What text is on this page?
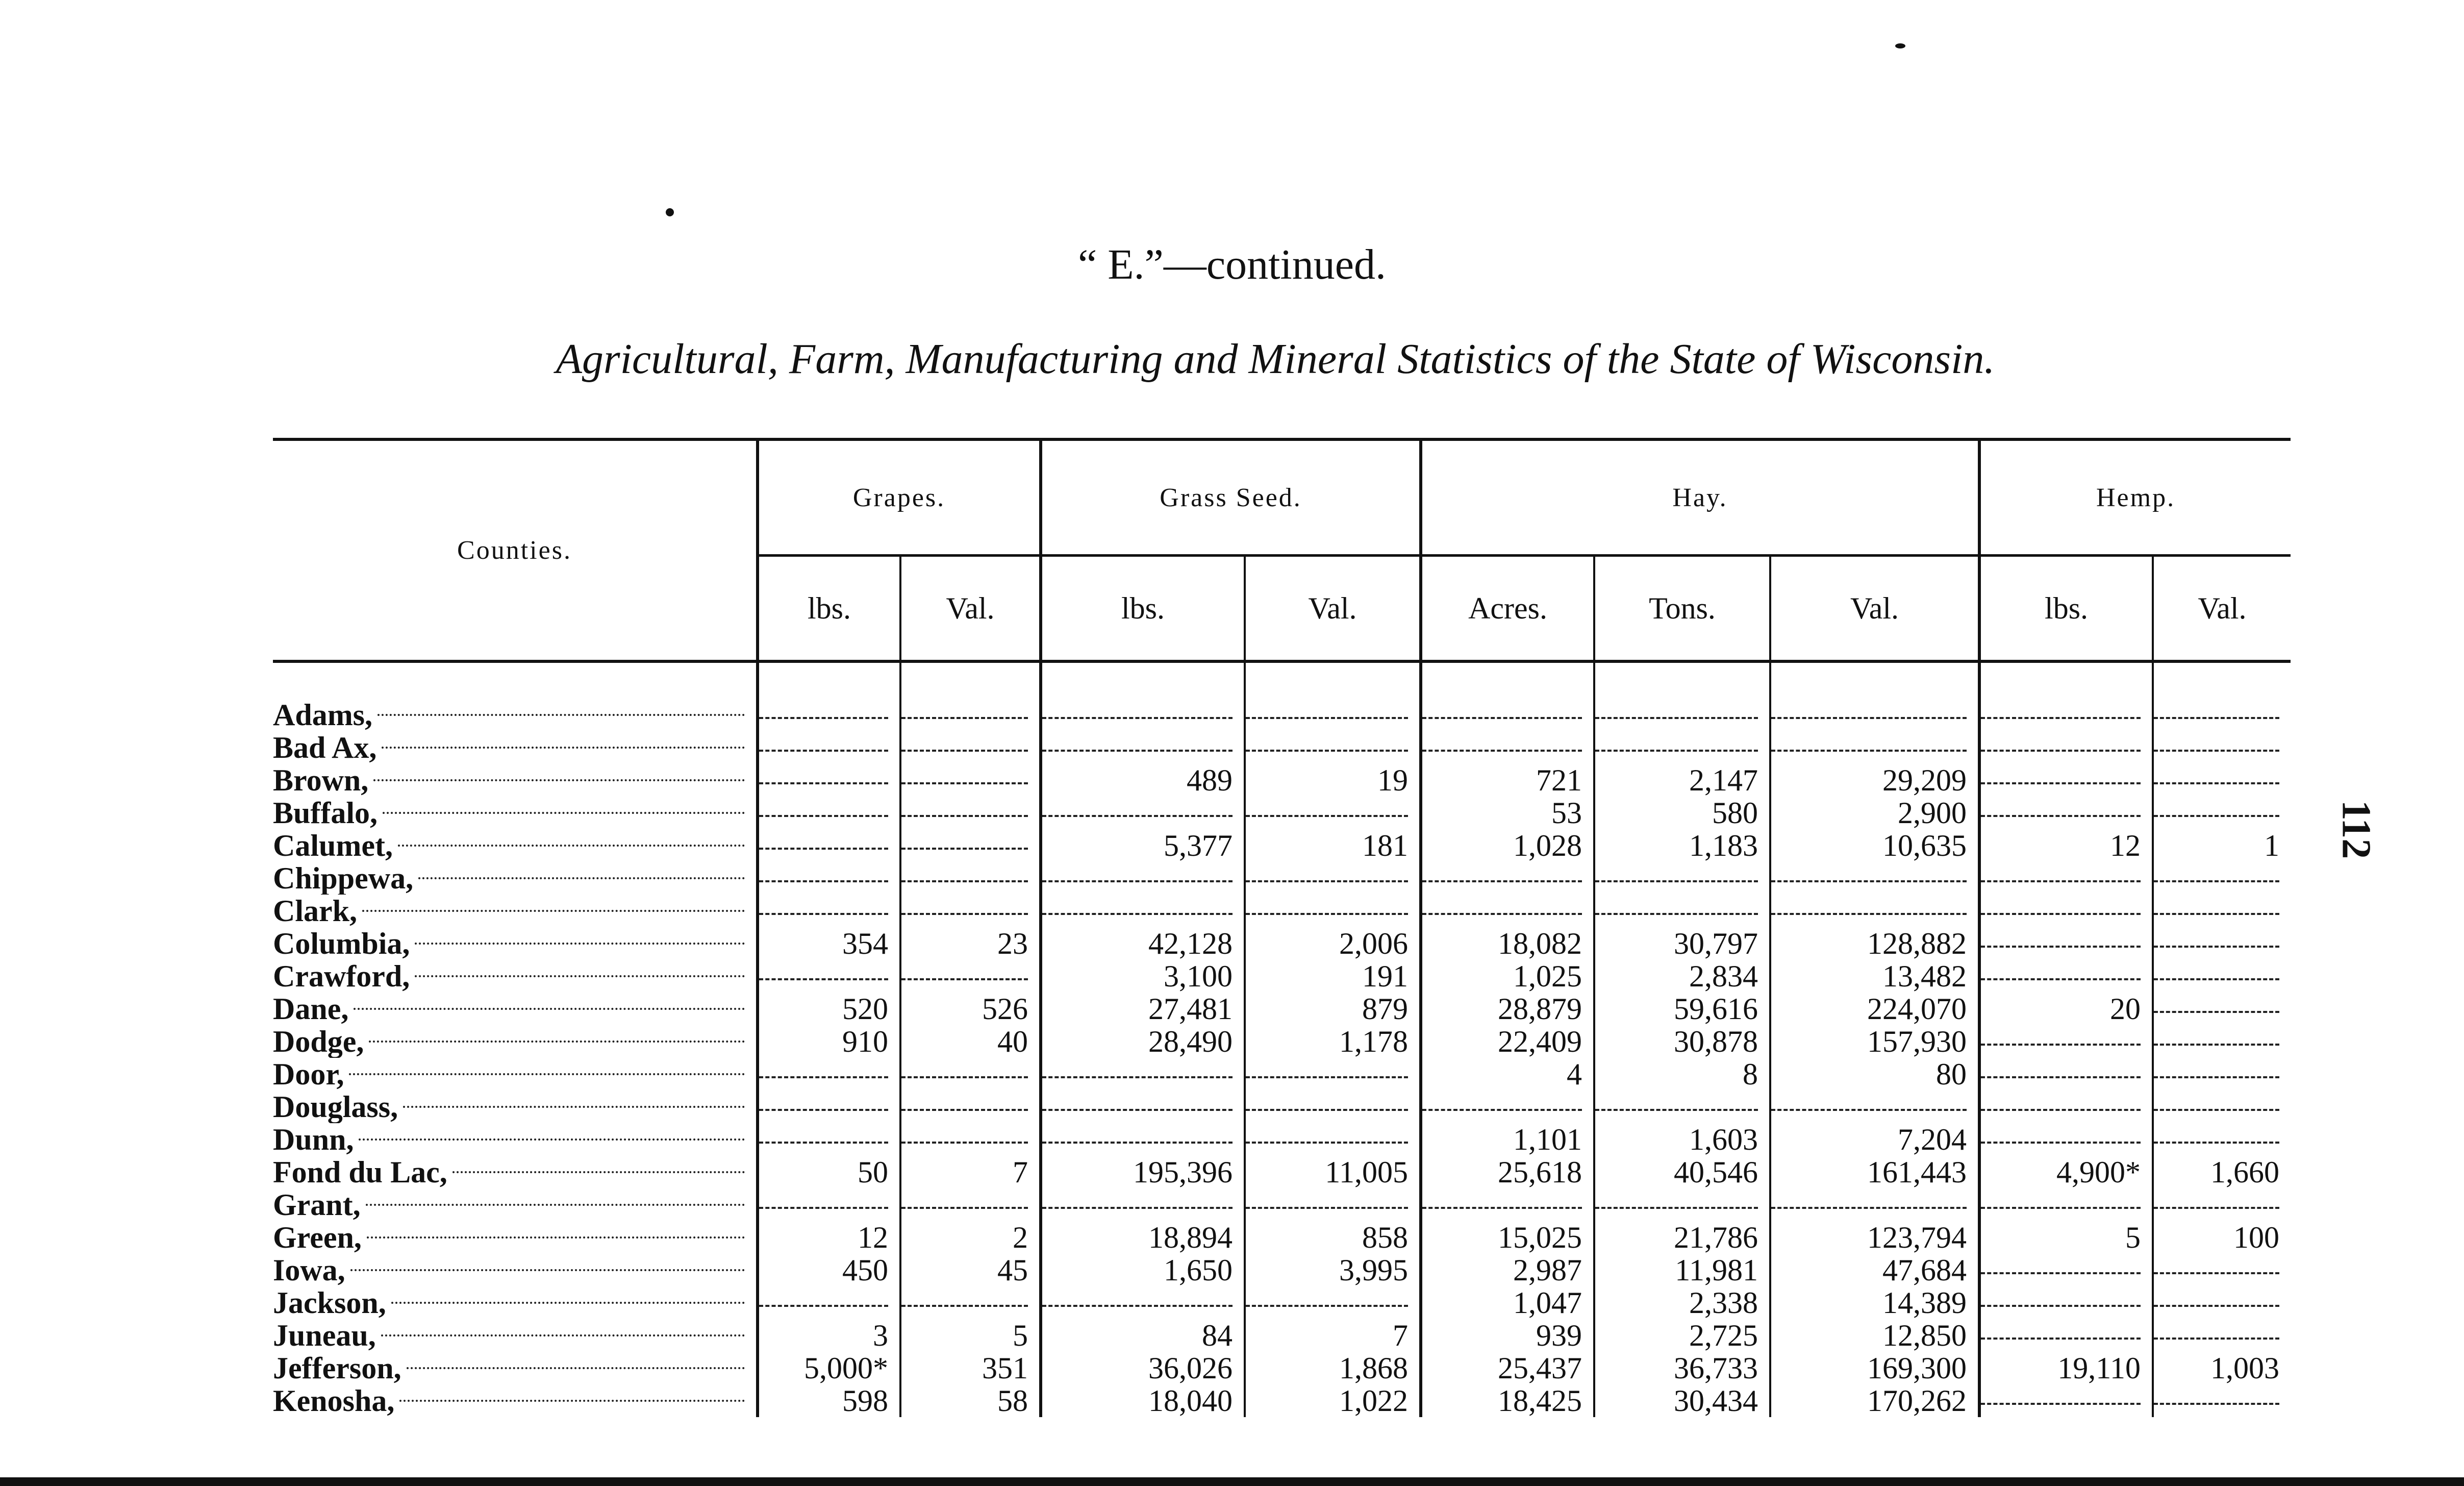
“ E.”—continued.
Agricultural, Farm, Manufacturing and Mineral Statistics of the State of Wisconsin.
112
Counties.	Grapes.		Grass Seed.		Hay.			Hemp.	
	lbs.	Val.	lbs.	Val.	Acres.	Tons.	Val.	lbs.	Val.

Adams,									

Bad Ax,									

Brown,			489	19	721	2,147	29,209		

Buffalo,					53	580	2,900		

Calumet,			5,377	181	1,028	1,183	10,635	12	1

Chippewa,									

Clark,									

Columbia,	354	23	42,128	2,006	18,082	30,797	128,882		

Crawford,			3,100	191	1,025	2,834	13,482		

Dane,	520	526	27,481	879	28,879	59,616	224,070	20	

Dodge,	910	40	28,490	1,178	22,409	30,878	157,930		

Door,					4	8	80		

Douglass,									

Dunn,					1,101	1,603	7,204		

Fond du Lac,	50	7	195,396	11,005	25,618	40,546	161,443	4,900*	1,660

Grant,									

Green,	12	2	18,894	858	15,025	21,786	123,794	5	100

Iowa,	450	45	1,650	3,995	2,987	11,981	47,684		

Jackson,					1,047	2,338	14,389		

Juneau,	3	5	84	7	939	2,725	12,850		

Jefferson,	5,000*	351	36,026	1,868	25,437	36,733	169,300	19,110	1,003

Kenosha,	598	58	18,040	1,022	18,425	30,434	170,262		
